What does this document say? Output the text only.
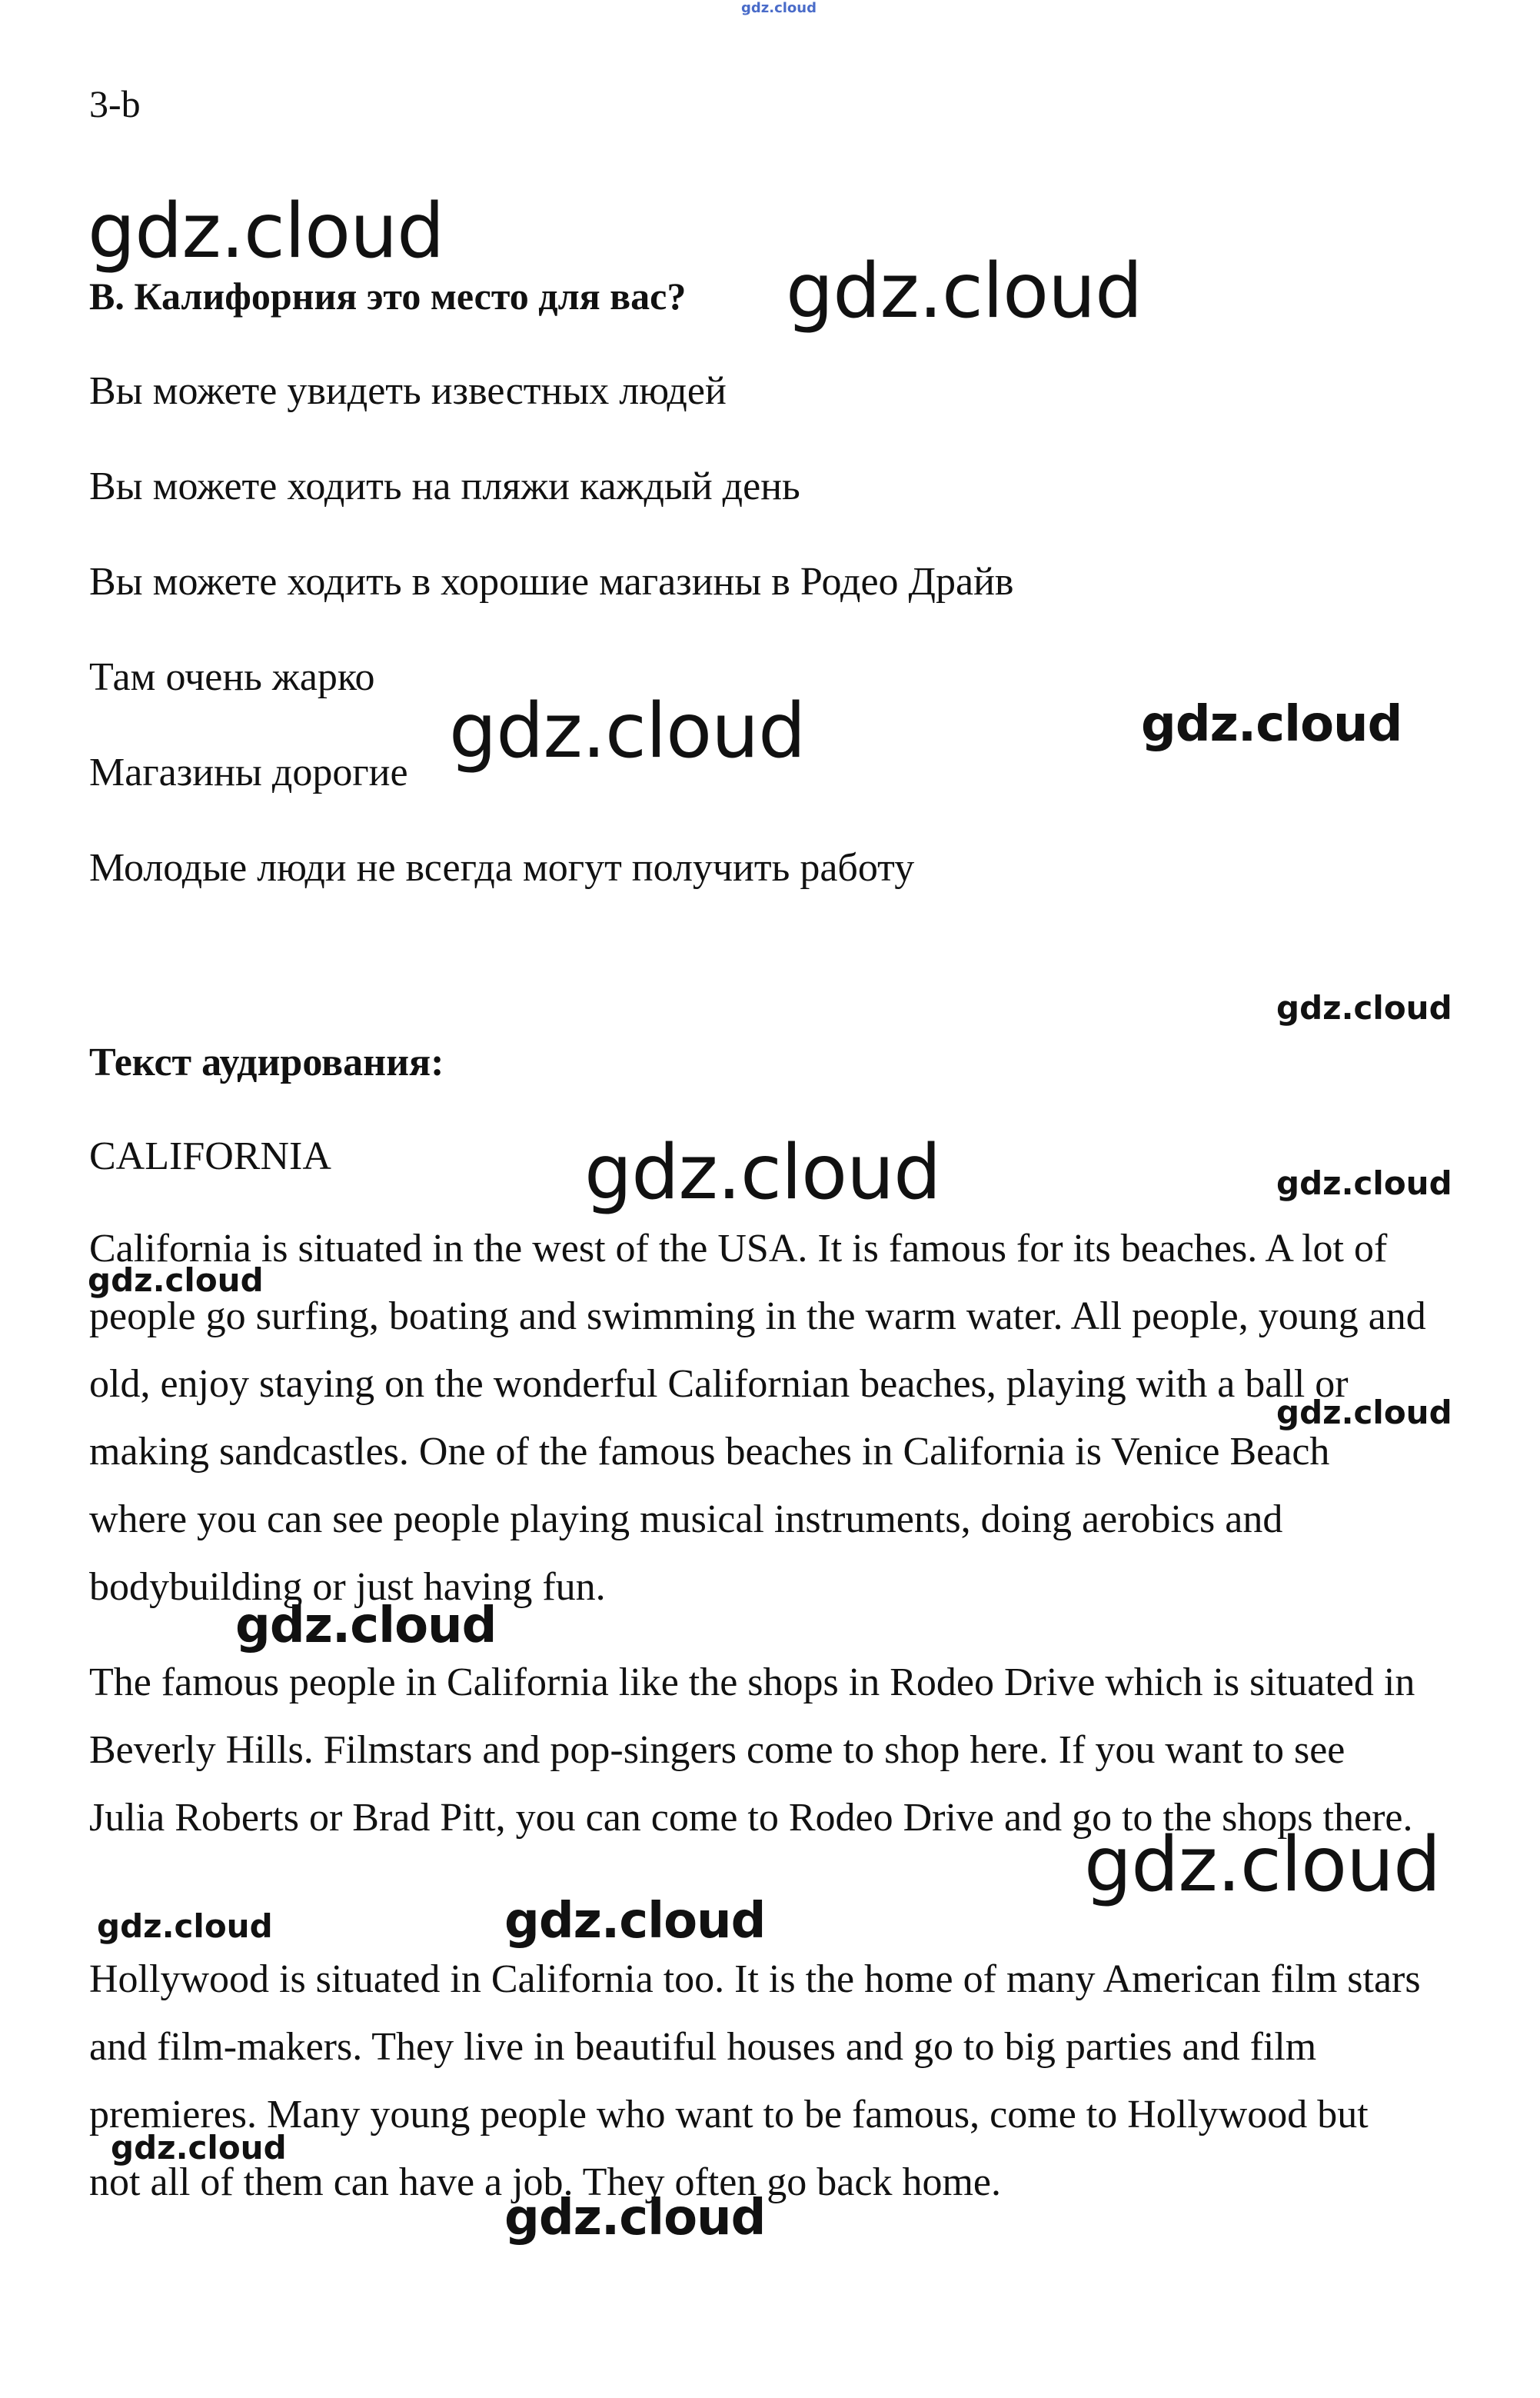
3-b
B. Калифорния это место для вас?
Вы можете увидеть известных людей
Вы можете ходить на пляжи каждый день
Вы можете ходить в хорошие магазины в Родео Драйв
Там очень жарко
Магазины дорогие
Молодые люди не всегда могут получить работу
Текст аудирования:
CALIFORNIA

California is situated in the west of the USA. It is famous for its beaches. A lot of people go surfing, boating and swimming in the warm water. All people, young and old, enjoy staying on the wonderful Californian beaches, playing with a ball or making sandcastles. One of the famous beaches in California is Venice Beach where you can see people playing musical instruments, doing aerobics and bodybuilding or just having fun.

The famous people in California like the shops in Rodeo Drive which is situated in Beverly Hills. Filmstars and pop-singers come to shop here. If you want to see Julia Roberts or Brad Pitt, you can come to Rodeo Drive and go to the shops there.

Hollywood is situated in California too. It is the home of many American film stars and film-makers. They live in beautiful houses and go to big parties and film premieres. Many young people who want to be famous, come to Hollywood but not all of them can have a job. They often go back home.

gdz.cloud
gdz.cloud
gdz.cloud
gdz.cloud	gdz.cloud
gdz.cloud
gdz.cloud	gdz.cloud
gdz.cloud
gdz.cloud
gdz.cloud
gdz.cloud
gdz.cloud	gdz.cloud
gdz.cloud
gdz.cloud
